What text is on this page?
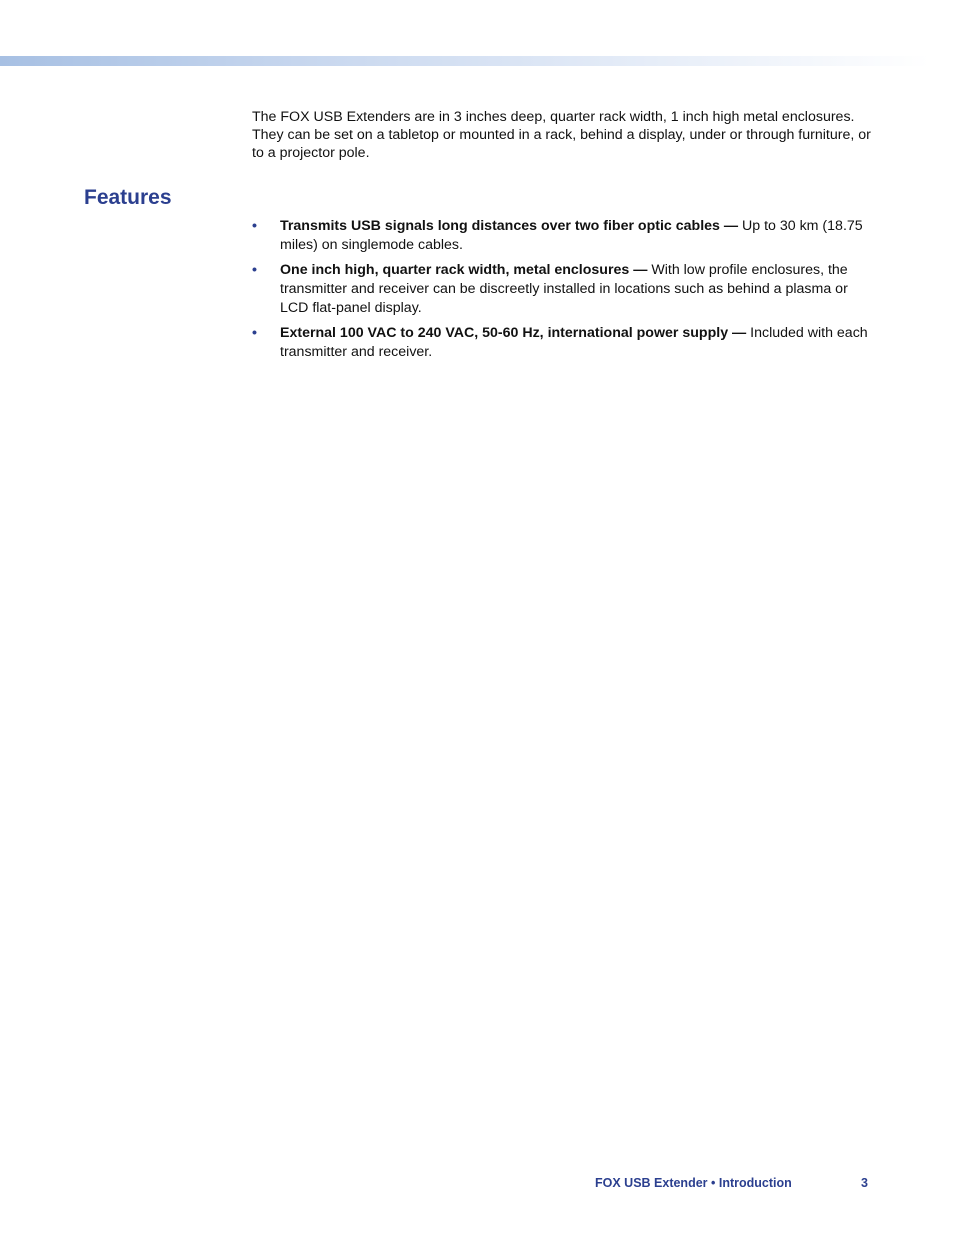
The FOX USB Extenders are in 3 inches deep, quarter rack width, 1 inch high metal enclosures. They can be set on a tabletop or mounted in a rack, behind a display, under or through furniture, or to a projector pole.

Features
• Transmits USB signals long distances over two fiber optic cables — Up to 30 km (18.75 miles) on singlemode cables.
• One inch high, quarter rack width, metal enclosures — With low profile enclosures, the transmitter and receiver can be discreetly installed in locations such as behind a plasma or LCD flat-panel display.
• External 100 VAC to 240 VAC, 50-60 Hz, international power supply — Included with each transmitter and receiver.
FOX USB Extender • Introduction	3
